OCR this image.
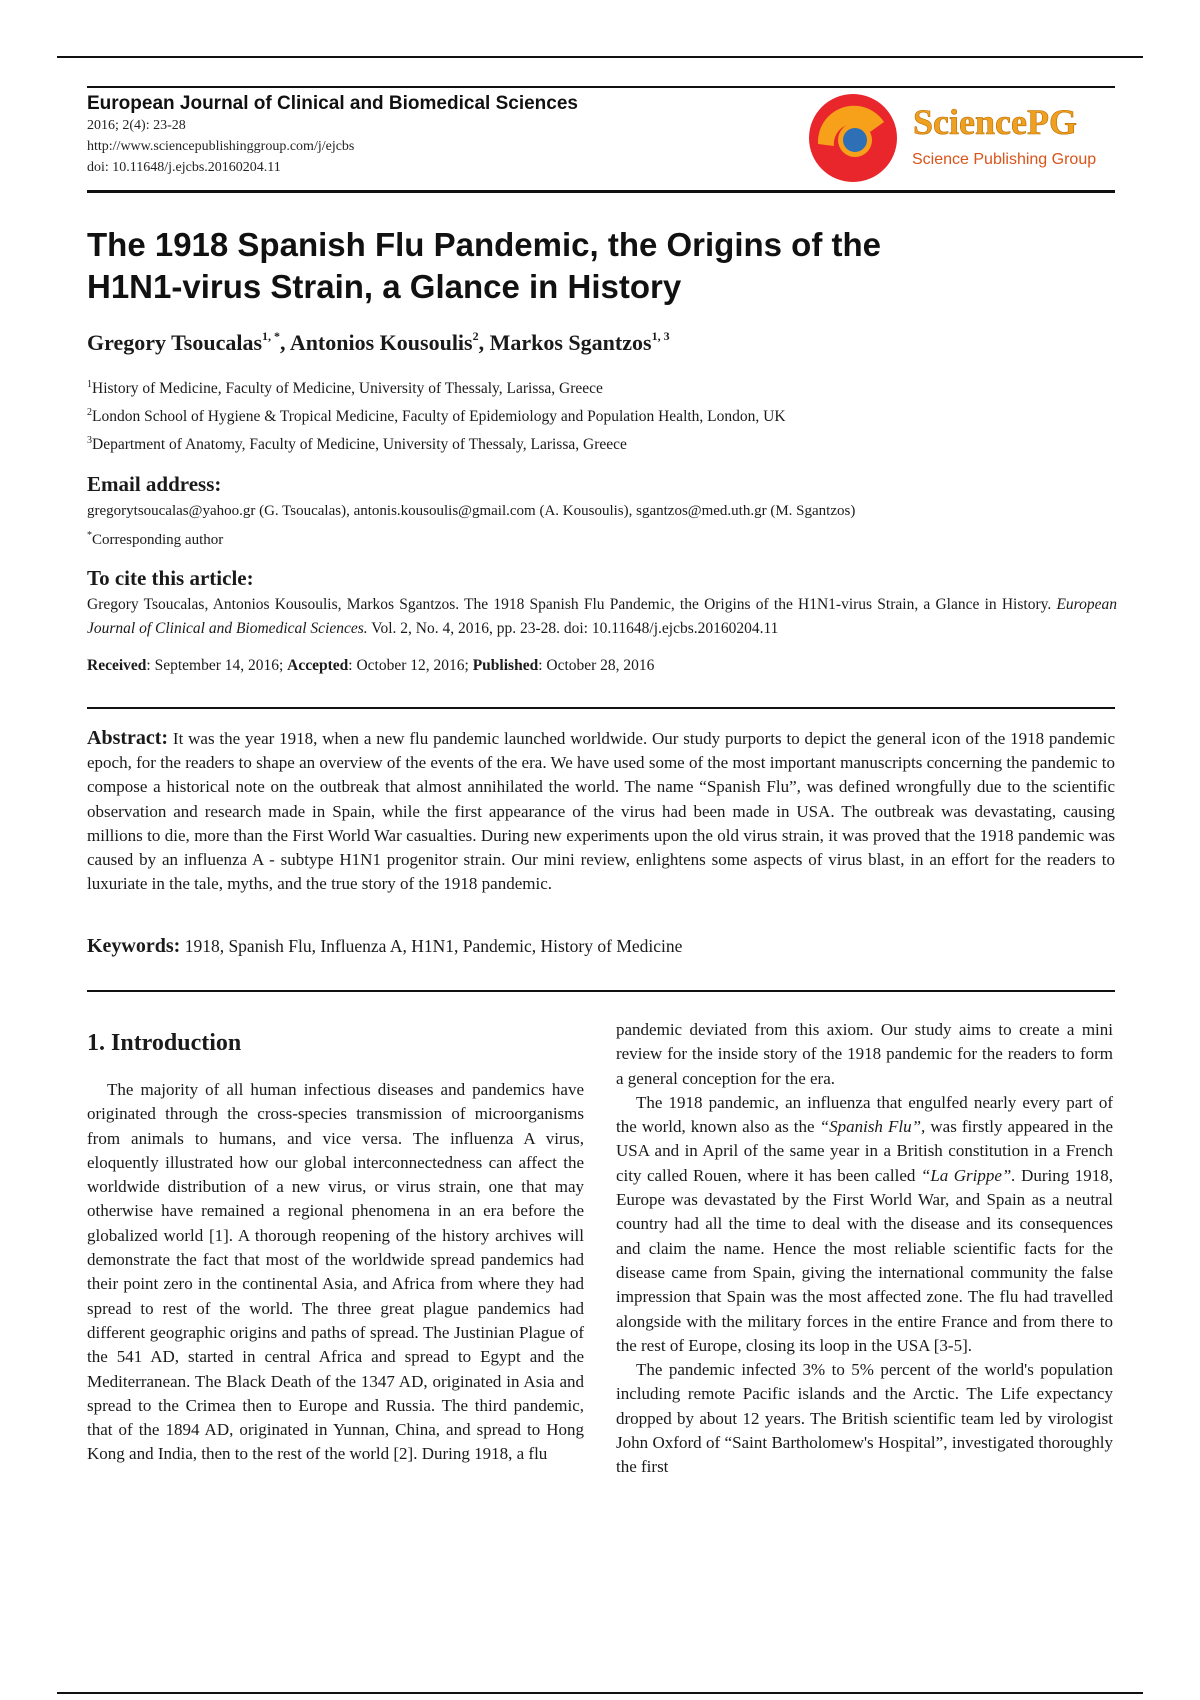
European Journal of Clinical and Biomedical Sciences
2016; 2(4): 23-28
http://www.sciencepublishinggroup.com/j/ejcbs
doi: 10.11648/j.ejcbs.20160204.11
SciencePG
Science Publishing Group
The 1918 Spanish Flu Pandemic, the Origins of the
H1N1-virus Strain, a Glance in History
Gregory Tsoucalas$^{1, *}$, Antonios Kousoulis$^2$, Markos Sgantzos$^{1, 3}$
$^1$History of Medicine, Faculty of Medicine, University of Thessaly, Larissa, Greece
$^2$London School of Hygiene & Tropical Medicine, Faculty of Epidemiology and Population Health, London, UK
$^3$Department of Anatomy, Faculty of Medicine, University of Thessaly, Larissa, Greece
Email address:
gregorytsoucalas@yahoo.gr (G. Tsoucalas), antonis.kousoulis@gmail.com (A. Kousoulis), sgantzos@med.uth.gr (M. Sgantzos)
*Corresponding author
To cite this article:
Gregory Tsoucalas, Antonios Kousoulis, Markos Sgantzos. The 1918 Spanish Flu Pandemic, the Origins of the H1N1-virus Strain, a Glance in History. European Journal of Clinical and Biomedical Sciences. Vol. 2, No. 4, 2016, pp. 23-28. doi: 10.11648/j.ejcbs.20160204.11
Received: September 14, 2016; Accepted: October 12, 2016; Published: October 28, 2016

Abstract: It was the year 1918, when a new flu pandemic launched worldwide. Our study purports to depict the general icon of the 1918 pandemic epoch, for the readers to shape an overview of the events of the era. We have used some of the most important manuscripts concerning the pandemic to compose a historical note on the outbreak that almost annihilated the world. The name “Spanish Flu”, was defined wrongfully due to the scientific observation and research made in Spain, while the first appearance of the virus had been made in USA. The outbreak was devastating, causing millions to die, more than the First World War casualties. During new experiments upon the old virus strain, it was proved that the 1918 pandemic was caused by an influenza A - subtype H1N1 progenitor strain. Our mini review, enlightens some aspects of virus blast, in an effort for the readers to luxuriate in the tale, myths, and the true story of the 1918 pandemic.

Keywords: 1918, Spanish Flu, Influenza A, H1N1, Pandemic, History of Medicine
1. Introduction

The majority of all human infectious diseases and pandemics have originated through the cross-species transmission of microorganisms from animals to humans, and vice versa. The influenza A virus, eloquently illustrated how our global interconnectedness can affect the worldwide distribution of a new virus, or virus strain, one that may otherwise have remained a regional phenomena in an era before the globalized world [1]. A thorough reopening of the history archives will demonstrate the fact that most of the worldwide spread pandemics had their point zero in the continental Asia, and Africa from where they had spread to rest of the world. The three great plague pandemics had different geographic origins and paths of spread. The Justinian Plague of the 541 AD, started in central Africa and spread to Egypt and the Mediterranean. The Black Death of the 1347 AD, originated in Asia and spread to the Crimea then to Europe and Russia. The third pandemic, that of the 1894 AD, originated in Yunnan, China, and spread to Hong Kong and India, then to the rest of the world [2]. During 1918, a flu

pandemic deviated from this axiom. Our study aims to create a mini review for the inside story of the 1918 pandemic for the readers to form a general conception for the era.

The 1918 pandemic, an influenza that engulfed nearly every part of the world, known also as the “Spanish Flu”, was firstly appeared in the USA and in April of the same year in a British constitution in a French city called Rouen, where it has been called “La Grippe”. During 1918, Europe was devastated by the First World War, and Spain as a neutral country had all the time to deal with the disease and its consequences and claim the name. Hence the most reliable scientific facts for the disease came from Spain, giving the international community the false impression that Spain was the most affected zone. The flu had travelled alongside with the military forces in the entire France and from there to the rest of Europe, closing its loop in the USA [3-5].

The pandemic infected 3% to 5% percent of the world's population including remote Pacific islands and the Arctic. The Life expectancy dropped by about 12 years. The British scientific team led by virologist John Oxford of “Saint Bartholomew's Hospital”, investigated thoroughly the first
